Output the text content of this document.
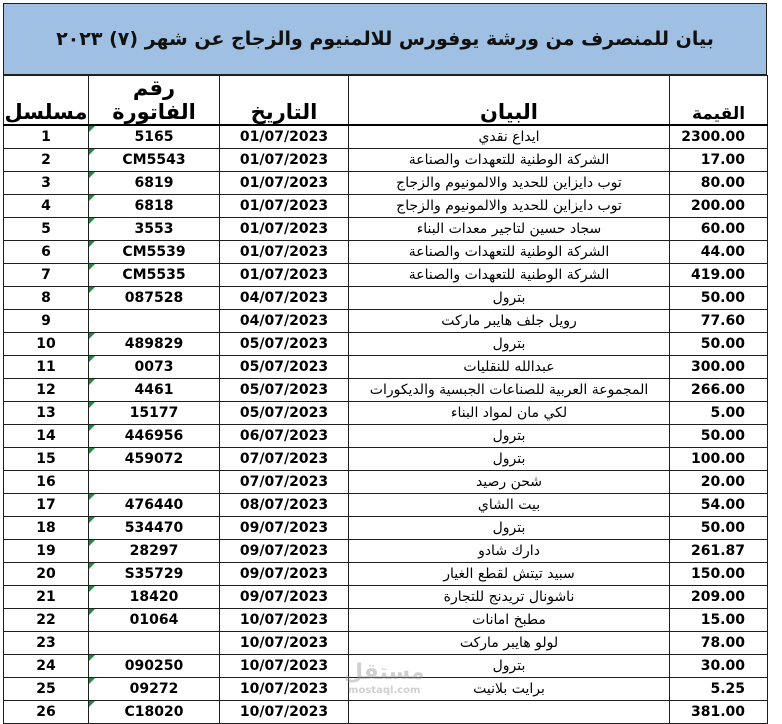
بيان للمنصرف من ورشة يوفورس للالمنيوم والزجاج عن شهر (٧) ٢٠٢٣
مسلسل	رقم الفاتورة	التاريخ	البيان	القيمة
1	5165	01/07/2023	ايداع نقدي	2300.00
2	CM5543	01/07/2023	الشركة الوطنية للتعهدات والصناعة	17.00
3	6819	01/07/2023	توب دايزاين للحديد والالمونيوم والزجاج	80.00
4	6818	01/07/2023	توب دايزاين للحديد والالمونيوم والزجاج	200.00
5	3553	01/07/2023	سجاد حسين لتاجير معدات البناء	60.00
6	CM5539	01/07/2023	الشركة الوطنية للتعهدات والصناعة	44.00
7	CM5535	01/07/2023	الشركة الوطنية للتعهدات والصناعة	419.00
8	087528	04/07/2023	بترول	50.00
9		04/07/2023	رويل جلف هايبر ماركت	77.60
10	489829	05/07/2023	بترول	50.00
11	0073	05/07/2023	عبدالله للنقليات	300.00
12	4461	05/07/2023	المجموعة العربية للصناعات الجبسية والديكورات	266.00
13	15177	05/07/2023	لكي مان لمواد البناء	5.00
14	446956	06/07/2023	بترول	50.00
15	459072	07/07/2023	بترول	100.00
16		07/07/2023	شحن رصيد	20.00
17	476440	08/07/2023	بيت الشاي	54.00
18	534470	09/07/2023	بترول	50.00
19	28297	09/07/2023	دارك شادو	261.87
20	S35729	09/07/2023	سبيد تيتش لقطع الغيار	150.00
21	18420	09/07/2023	ناشونال تريدنج للتجارة	209.00
22	01064	10/07/2023	مطبخ امانات	15.00
23		10/07/2023	لولو هايبر ماركت	78.00
24	090250	10/07/2023	بترول	30.00
25	09272	10/07/2023	برايت بلانيت	5.25
26	C18020	10/07/2023		381.00
مستقل
mostaql.com
